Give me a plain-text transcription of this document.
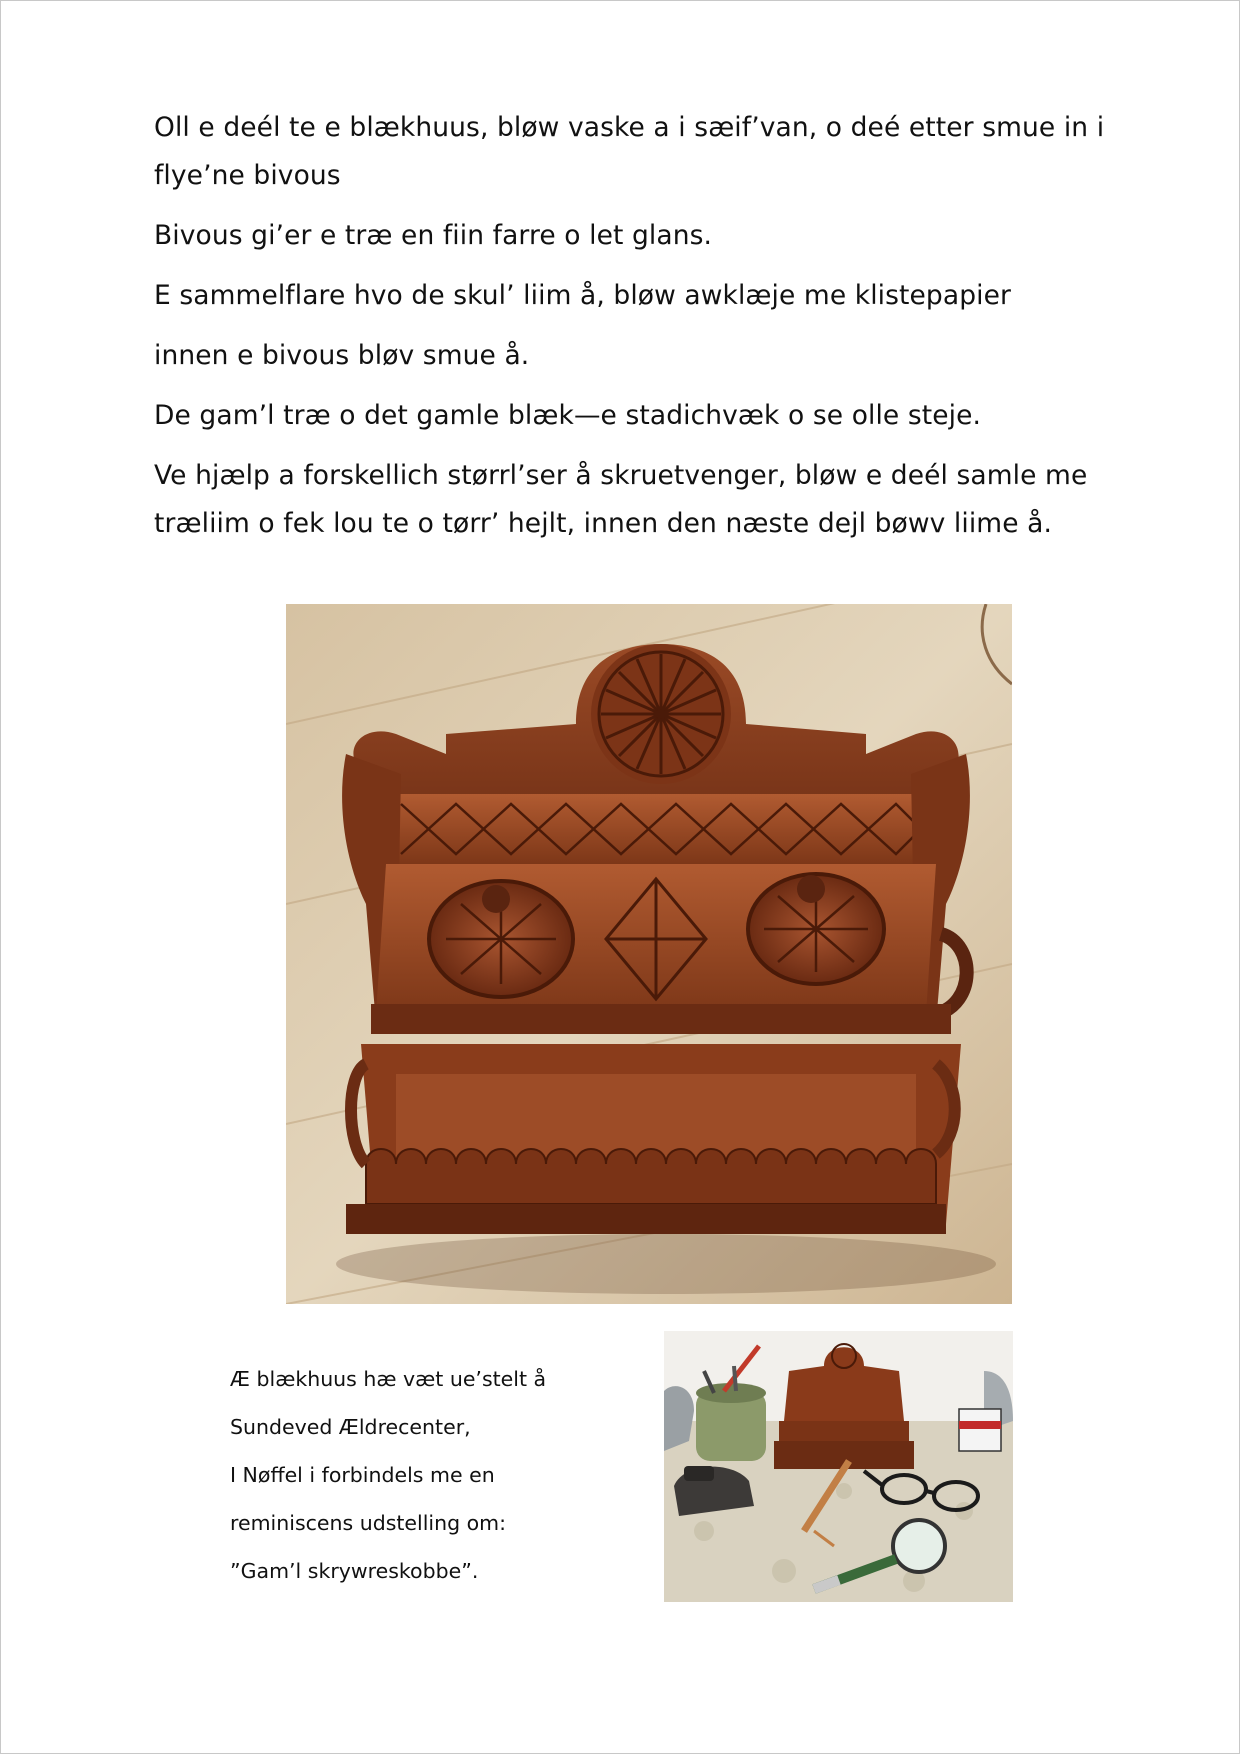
Oll e deél te e blækhuus, bløw vaske a i sæif’van, o deé etter smue in i flye’ne bivous

Bivous gi’er e træ en fiin farre o let glans.

E sammelflare hvo de skul’ liim å, bløw awklæje me klistepapier

innen e bivous bløv smue å.

De gam’l træ o det gamle blæk—e stadichvæk o se olle steje.

Ve hjælp a forskellich størrl’ser å skruetvenger, bløw e deél samle me træliim o fek lou te o tørr’ hejlt, innen den næste dejl bøwv liime å.

Æ blækhuus hæ væt ue’stelt å

Sundeved Ældrecenter,

I Nøffel i forbindels me en

reminiscens udstelling om:

”Gam’l skrywreskobbe”.
